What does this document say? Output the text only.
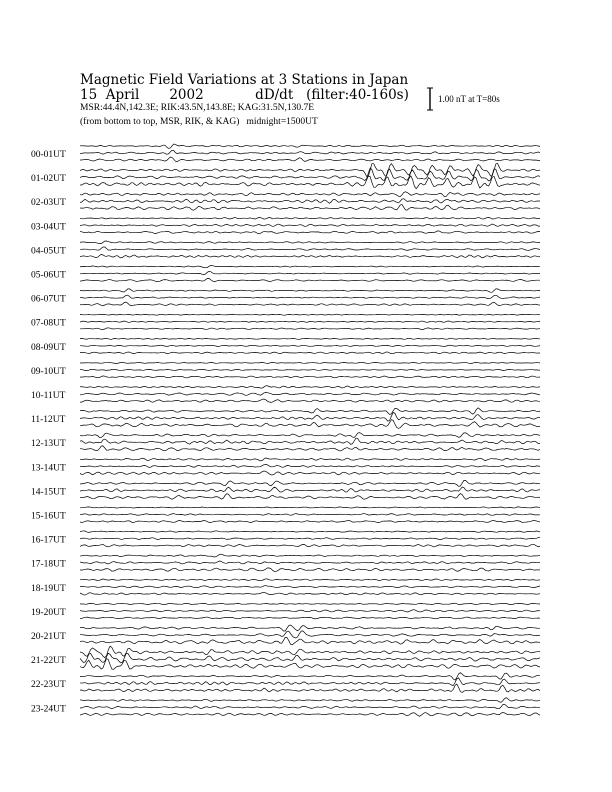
Magnetic Field Variations at 3 Stations in Japan
15 April 2002	dD/dt (filter:40-160s)
MSR:44.4N,142.3E; RIK:43.5N,143.8E; KAG:31.5N,130.7E
(from bottom to top, MSR, RIK, & KAG) midnight=1500UT
1.00 nT at T=80s
00-01UT
01-02UT
02-03UT
03-04UT
04-05UT
05-06UT
06-07UT
07-08UT
08-09UT
09-10UT
10-11UT
11-12UT
12-13UT
13-14UT
14-15UT
15-16UT
16-17UT
17-18UT
18-19UT
19-20UT
20-21UT
21-22UT
22-23UT
23-24UT
